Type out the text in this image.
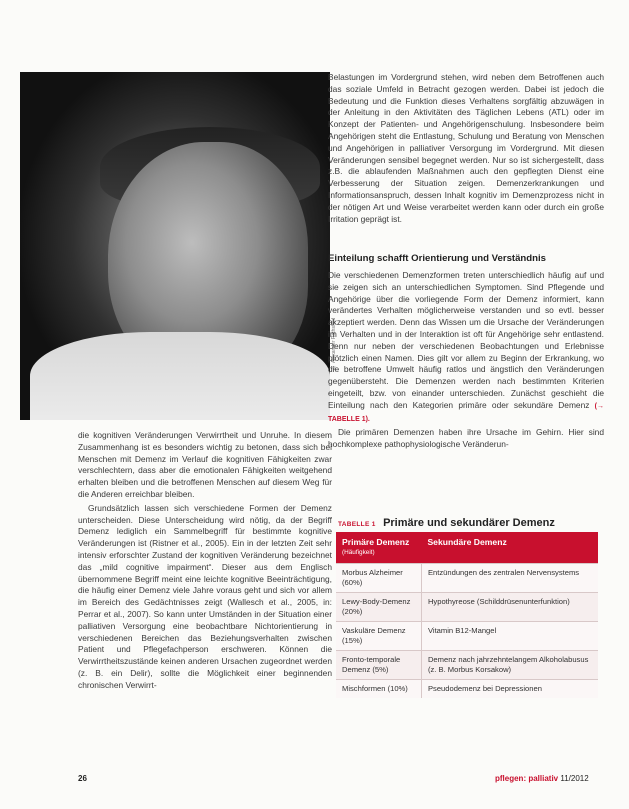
© Alexander Rathsfeld

Belastungen im Vordergrund stehen, wird neben dem Betroffenen auch das soziale Umfeld in Betracht gezogen werden. Dabei ist jedoch die Bedeutung und die Funktion dieses Verhaltens sorgfältig abzuwägen in der Anleitung in den Aktivitäten des Täglichen Lebens (ATL) oder im Konzept der Patienten- und Angehörigenschulung. Insbesondere beim Angehörigen steht die Entlastung, Schulung und Beratung von Menschen und Angehörigen in palliativer Versorgung im Vordergrund. Mit diesen Veränderungen sensibel begegnet werden. Nur so ist sichergestellt, dass z.B. die ablaufenden Maßnahmen auch den gepflegten Dienst eine Verbesserung der Situation zeigen. Demenzerkrankungen und Informationsanspruch, dessen Inhalt kognitiv im Demenzprozess nicht in der nötigen Art und Weise verarbeitet werden kann oder durch ein große Irritation geprägt ist.

Einteilung schafft Orientierung und Verständnis

Die verschiedenen Demenzformen treten unterschiedlich häufig auf und sie zeigen sich an unterschiedlichen Symptomen. Sind Pflegende und Angehörige über die vorliegende Form der Demenz informiert, kann verändertes Verhalten möglicherweise verstanden und so evtl. besser akzeptiert werden. Denn das Wissen um die Ursache der Veränderungen im Verhalten und in der Interaktion ist oft für Angehörige sehr entlastend. Denn nur neben der verschiedenen Beobachtungen und Erlebnisse plötzlich einen Namen. Dies gilt vor allem zu Beginn der Erkrankung, wo die betroffene Umwelt häufig ratlos und ängstlich den Veränderungen gegenübersteht. Die Demenzen werden nach bestimmten Kriterien eingeteilt, bzw. von einander unterschieden. Zunächst geschieht die Einteilung nach den Kategorien primäre oder sekundäre Demenz (→ TABELLE 1).

Die primären Demenzen haben ihre Ursache im Gehirn. Hier sind hochkomplexe pathophysiologische Veränderun-

die kognitiven Veränderungen Verwirrtheit und Unruhe. In diesem Zusammenhang ist es besonders wichtig zu betonen, dass sich bei Menschen mit Demenz im Verlauf die kognitiven Fähigkeiten zwar verschlechtern, dass aber die emotionalen Fähigkeiten weitgehend erhalten bleiben und die betroffenen Menschen auf diesem Weg für die Anderen erreichbar bleiben.

Grundsätzlich lassen sich verschiedene Formen der Demenz unterscheiden. Diese Unterscheidung wird nötig, da der Begriff Demenz lediglich ein Sammelbegriff für bestimmte kognitive Veränderungen ist (Ristner et al., 2005). Ein in der letzten Zeit sehr intensiv erforschter Zustand der kognitiven Veränderung bezeichnet das „mild cognitive impairment“. Dieser aus dem Englisch übernommene Begriff meint eine leichte kognitive Beeinträchtigung, die häufig einer Demenz viele Jahre voraus geht und sich vor allem im Bereich des Gedächtnisses zeigt (Wallesch et al., 2005, in: Perrar et al., 2007). So kann unter Umständen in der Situation einer palliativen Versorgung eine beobachtbare Nichtorientierung in verschiedenen Bereichen das Beziehungsverhalten zwischen Patient und Pflegefachperson erschweren. Können die Verwirrtheitszustände keinen anderen Ursachen zugeordnet werden (z. B. ein Delir), sollte die Möglichkeit einer beginnenden chronischen Verwirrt-

TABELLE 1 Primäre und sekundärer Demenz
Primäre Demenz
(Häufigkeit)	Sekundäre Demenz
Morbus Alzheimer (60%)	Entzündungen des zentralen Nervensystems
Lewy-Body-Demenz (20%)	Hypothyreose (Schilddrüsenunterfunktion)
Vaskuläre Demenz (15%)	Vitamin B12-Mangel
Fronto-temporale Demenz (5%)	Demenz nach jahrzehntelangem Alkoholabusus (z. B. Morbus Korsakow)
Mischformen (10%)	Pseudodemenz bei Depressionen
26	pflegen: palliativ 11/2012
